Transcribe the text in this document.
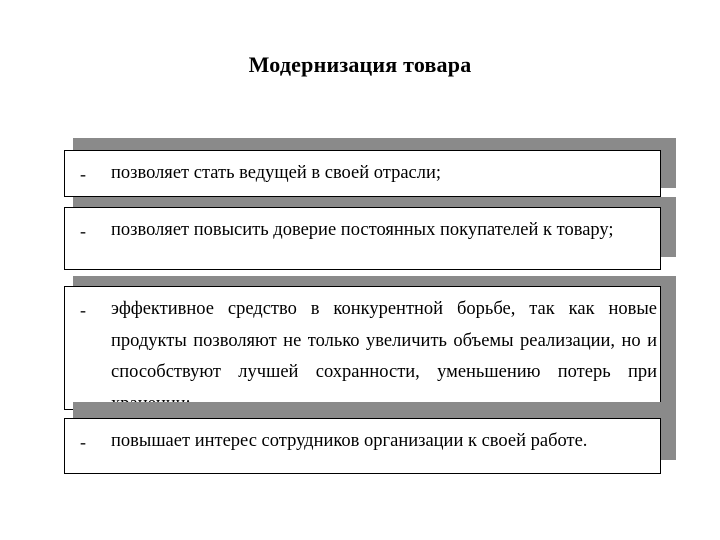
Модернизация товара
- позволяет стать ведущей в своей отрасли;
- позволяет повысить доверие постоянных покупателей к товару;
- эффективное средство в конкурентной борьбе, так как новые продукты позволяют не только увеличить объемы реализации, но и способствуют лучшей сохранности, уменьшению потерь при
- повышает интерес сотрудников организации к своей работе.
